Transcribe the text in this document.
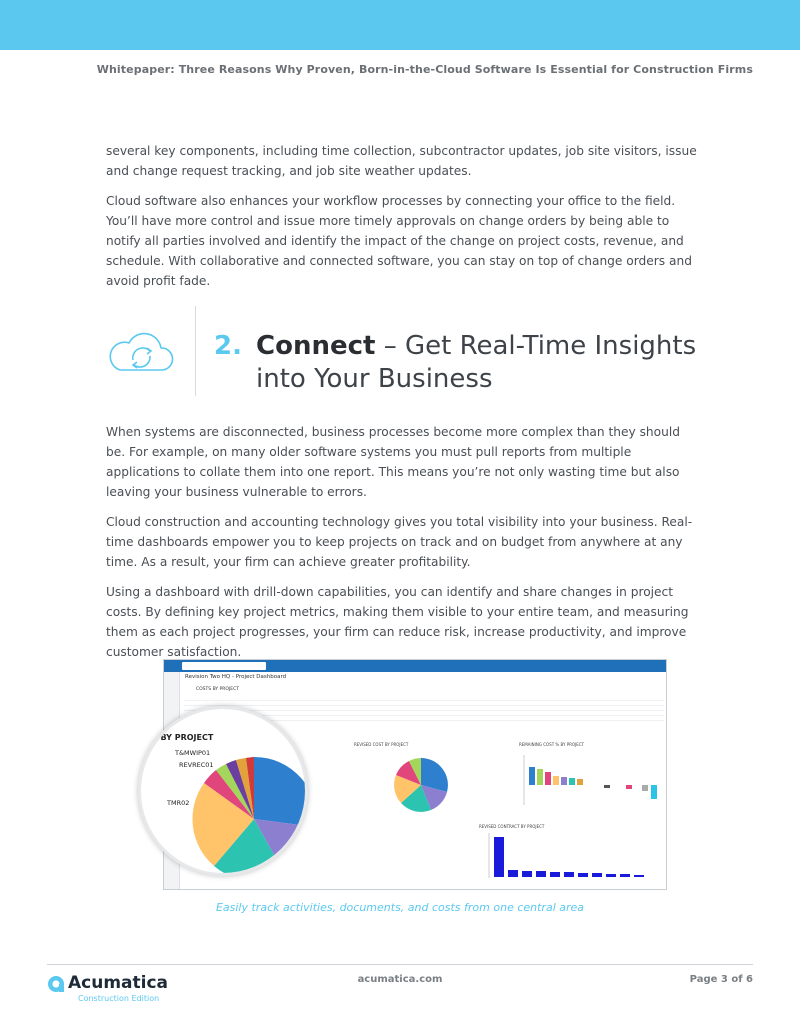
Whitepaper: Three Reasons Why Proven, Born-in-the-Cloud Software Is Essential for Construction Firms

several key components, including time collection, subcontractor updates, job site visitors, issue and change request tracking, and job site weather updates.

Cloud software also enhances your workflow processes by connecting your office to the field. You’ll have more control and issue more timely approvals on change orders by being able to notify all parties involved and identify the impact of the change on project costs, revenue, and schedule. With collaborative and connected software, you can stay on top of change orders and avoid profit fade.

2. Connect – Get Real-Time Insights
into Your Business

When systems are disconnected, business processes become more complex than they should be. For example, on many older software systems you must pull reports from multiple applications to collate them into one report. This means you’re not only wasting time but also leaving your business vulnerable to errors.

Cloud construction and accounting technology gives you total visibility into your business. Real-time dashboards empower you to keep projects on track and on budget from anywhere at any time. As a result, your firm can achieve greater profitability.

Using a dashboard with drill-down capabilities, you can identify and share changes in project costs. By defining key project metrics, making them visible to your entire team, and measuring them as each project progresses, your firm can reduce risk, increase productivity, and improve customer satisfaction.

Revision Two HQ - Project Dashboard
COSTS BY PROJECT
REVISED COST BY PROJECT	REMAINING COST % BY PROJECT
REVISED CONTRACT BY PROJECT
EST BY PROJECT
T&MWIP01
REVREC01
TMR02
Easily track activities, documents, and costs from one central area
Acumatica
Construction Edition
acumatica.com	Page 3 of 6
